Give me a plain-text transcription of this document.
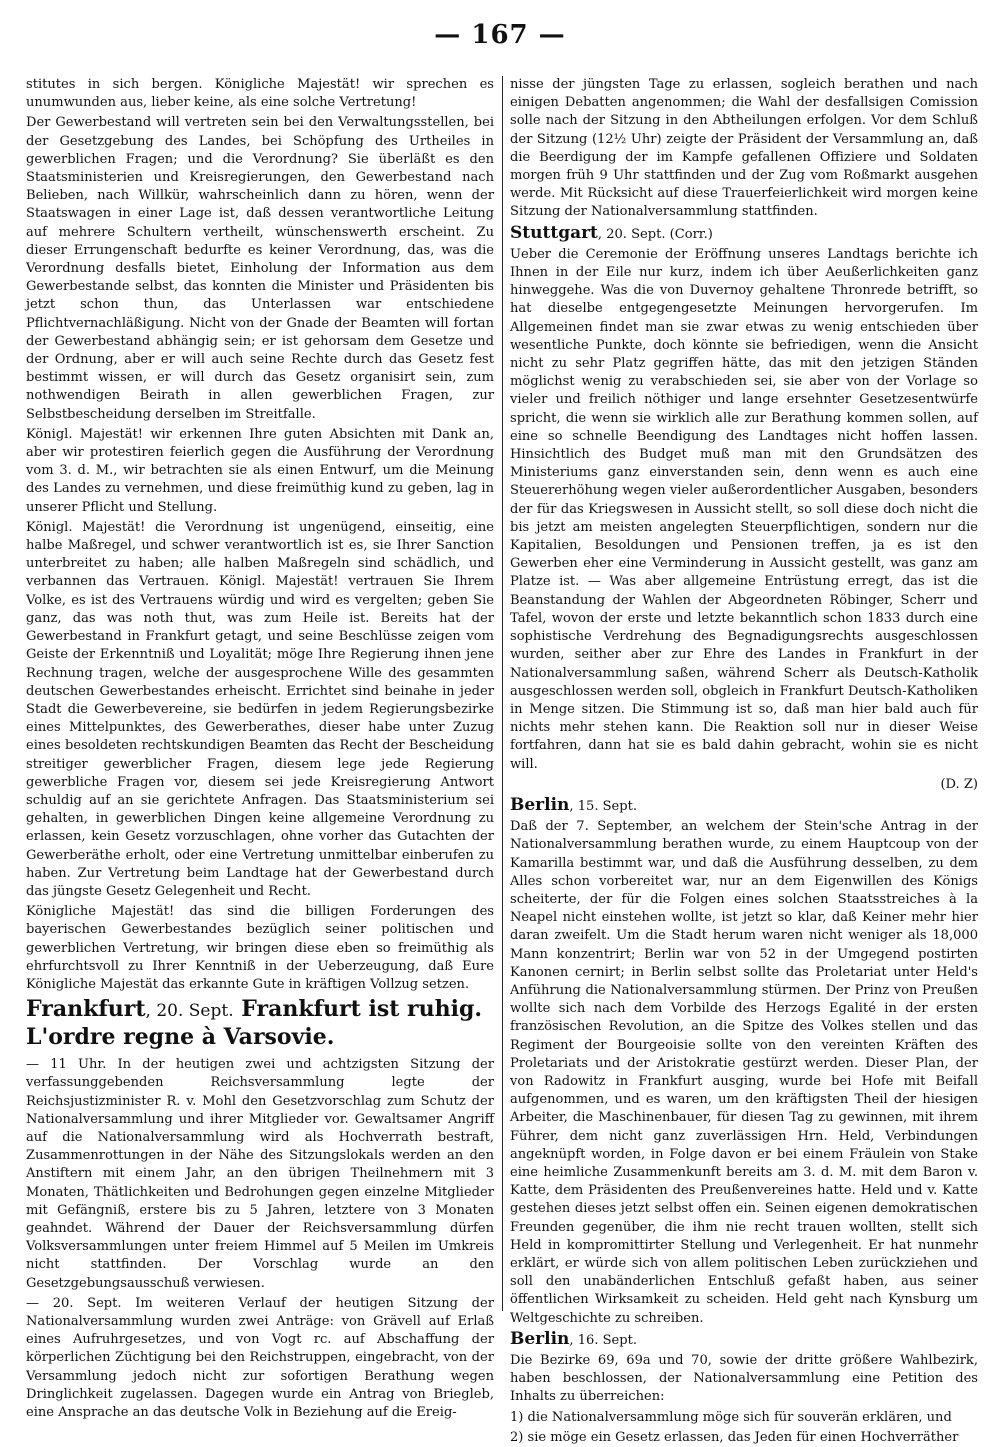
— 167 —

stitutes in sich bergen. Königliche Majestät! wir sprechen es unumwunden aus, lieber keine, als eine solche Vertretung!

Der Gewerbestand will vertreten sein bei den Verwaltungsstellen, bei der Gesetzgebung des Landes, bei Schöpfung des Urtheiles in gewerblichen Fragen; und die Verordnung? Sie überläßt es den Staatsministerien und Kreisregierungen, den Gewerbestand nach Belieben, nach Willkür, wahrscheinlich dann zu hören, wenn der Staatswagen in einer Lage ist, daß dessen verantwortliche Leitung auf mehrere Schultern vertheilt, wünschenswerth erscheint. Zu dieser Errungenschaft bedurfte es keiner Verordnung, das, was die Verordnung desfalls bietet, Einholung der Information aus dem Gewerbestande selbst, das konnten die Minister und Präsidenten bis jetzt schon thun, das Unterlassen war entschiedene Pflichtvernachläßigung. Nicht von der Gnade der Beamten will fortan der Gewerbestand abhängig sein; er ist gehorsam dem Gesetze und der Ordnung, aber er will auch seine Rechte durch das Gesetz fest bestimmt wissen, er will durch das Gesetz organisirt sein, zum nothwendigen Beirath in allen gewerblichen Fragen, zur Selbstbescheidung derselben im Streitfalle.

Königl. Majestät! wir erkennen Ihre guten Absichten mit Dank an, aber wir protestiren feierlich gegen die Ausführung der Verordnung vom 3. d. M., wir betrachten sie als einen Entwurf, um die Meinung des Landes zu vernehmen, und diese freimüthig kund zu geben, lag in unserer Pflicht und Stellung.

Königl. Majestät! die Verordnung ist ungenügend, einseitig, eine halbe Maßregel, und schwer verantwortlich ist es, sie Ihrer Sanction unterbreitet zu haben; alle halben Maßregeln sind schädlich, und verbannen das Vertrauen. Königl. Majestät! vertrauen Sie Ihrem Volke, es ist des Vertrauens würdig und wird es vergelten; geben Sie ganz, das was noth thut, was zum Heile ist. Bereits hat der Gewerbestand in Frankfurt getagt, und seine Beschlüsse zeigen vom Geiste der Erkenntniß und Loyalität; möge Ihre Regierung ihnen jene Rechnung tragen, welche der ausgesprochene Wille des gesammten deutschen Gewerbestandes erheischt. Errichtet sind beinahe in jeder Stadt die Gewerbevereine, sie bedürfen in jedem Regierungsbezirke eines Mittelpunktes, des Gewerberathes, dieser habe unter Zuzug eines besoldeten rechtskundigen Beamten das Recht der Bescheidung streitiger gewerblicher Fragen, diesem lege jede Regierung gewerbliche Fragen vor, diesem sei jede Kreisregierung Antwort schuldig auf an sie gerichtete Anfragen. Das Staatsministerium sei gehalten, in gewerblichen Dingen keine allgemeine Verordnung zu erlassen, kein Gesetz vorzuschlagen, ohne vorher das Gutachten der Gewerberäthe erholt, oder eine Vertretung unmittelbar einberufen zu haben. Zur Vertretung beim Landtage hat der Gewerbestand durch das jüngste Gesetz Gelegenheit und Recht.

Königliche Majestät! das sind die billigen Forderungen des bayerischen Gewerbestandes bezüglich seiner politischen und gewerblichen Vertretung, wir bringen diese eben so freimüthig als ehrfurchtsvoll zu Ihrer Kenntniß in der Ueberzeugung, daß Eure Königliche Majestät das erkannte Gute in kräftigen Vollzug setzen.

Frankfurt, 20. Sept. Frankfurt ist ruhig.
L'ordre regne à Varsovie.

— 11 Uhr. In der heutigen zwei und achtzigsten Sitzung der verfassunggebenden Reichsversammlung legte der Reichsjustizminister R. v. Mohl den Gesetzvorschlag zum Schutz der Nationalversammlung und ihrer Mitglieder vor. Gewaltsamer Angriff auf die Nationalversammlung wird als Hochverrath bestraft, Zusammenrottungen in der Nähe des Sitzungslokals werden an den Anstiftern mit einem Jahr, an den übrigen Theilnehmern mit 3 Monaten, Thätlichkeiten und Bedrohungen gegen einzelne Mitglieder mit Gefängniß, erstere bis zu 5 Jahren, letztere von 3 Monaten geahndet. Während der Dauer der Reichsversammlung dürfen Volksversammlungen unter freiem Himmel auf 5 Meilen im Umkreis nicht stattfinden. Der Vorschlag wurde an den Gesetzgebungsausschuß verwiesen.

— 20. Sept. Im weiteren Verlauf der heutigen Sitzung der Nationalversammlung wurden zwei Anträge: von Grävell auf Erlaß eines Aufruhrgesetzes, und von Vogt rc. auf Abschaffung der körperlichen Züchtigung bei den Reichstruppen, eingebracht, von der Versammlung jedoch nicht zur sofortigen Berathung wegen Dringlichkeit zugelassen. Dagegen wurde ein Antrag von Briegleb, eine Ansprache an das deutsche Volk in Beziehung auf die Ereig-

nisse der jüngsten Tage zu erlassen, sogleich berathen und nach einigen Debatten angenommen; die Wahl der desfallsigen Comission solle nach der Sitzung in den Abtheilungen erfolgen. Vor dem Schluß der Sitzung (12½ Uhr) zeigte der Präsident der Versammlung an, daß die Beerdigung der im Kampfe gefallenen Offiziere und Soldaten morgen früh 9 Uhr stattfinden und der Zug vom Roßmarkt ausgehen werde. Mit Rücksicht auf diese Trauerfeierlichkeit wird morgen keine Sitzung der Nationalversammlung stattfinden.

Stuttgart, 20. Sept. (Corr.)

Ueber die Ceremonie der Eröffnung unseres Landtags berichte ich Ihnen in der Eile nur kurz, indem ich über Aeußerlichkeiten ganz hinweggehe. Was die von Duvernoy gehaltene Thronrede betrifft, so hat dieselbe entgegengesetzte Meinungen hervorgerufen. Im Allgemeinen findet man sie zwar etwas zu wenig entschieden über wesentliche Punkte, doch könnte sie befriedigen, wenn die Ansicht nicht zu sehr Platz gegriffen hätte, das mit den jetzigen Ständen möglichst wenig zu verabschieden sei, sie aber von der Vorlage so vieler und freilich nöthiger und lange ersehnter Gesetzesentwürfe spricht, die wenn sie wirklich alle zur Berathung kommen sollen, auf eine so schnelle Beendigung des Landtages nicht hoffen lassen. Hinsichtlich des Budget muß man mit den Grundsätzen des Ministeriums ganz einverstanden sein, denn wenn es auch eine Steuererhöhung wegen vieler außerordentlicher Ausgaben, besonders der für das Kriegswesen in Aussicht stellt, so soll diese doch nicht die bis jetzt am meisten angelegten Steuerpflichtigen, sondern nur die Kapitalien, Besoldungen und Pensionen treffen, ja es ist den Gewerben eher eine Verminderung in Aussicht gestellt, was ganz am Platze ist. — Was aber allgemeine Entrüstung erregt, das ist die Beanstandung der Wahlen der Abgeordneten Röbinger, Scherr und Tafel, wovon der erste und letzte bekanntlich schon 1833 durch eine sophistische Verdrehung des Begnadigungsrechts ausgeschlossen wurden, seither aber zur Ehre des Landes in Frankfurt in der Nationalversammlung saßen, während Scherr als Deutsch-Katholik ausgeschlossen werden soll, obgleich in Frankfurt Deutsch-Katholiken in Menge sitzen. Die Stimmung ist so, daß man hier bald auch für nichts mehr stehen kann. Die Reaktion soll nur in dieser Weise fortfahren, dann hat sie es bald dahin gebracht, wohin sie es nicht will.

(D. Z)

Berlin, 15. Sept.

Daß der 7. September, an welchem der Stein'sche Antrag in der Nationalversammlung berathen wurde, zu einem Hauptcoup von der Kamarilla bestimmt war, und daß die Ausführung desselben, zu dem Alles schon vorbereitet war, nur an dem Eigenwillen des Königs scheiterte, der für die Folgen eines solchen Staatsstreiches à la Neapel nicht einstehen wollte, ist jetzt so klar, daß Keiner mehr hier daran zweifelt. Um die Stadt herum waren nicht weniger als 18,000 Mann konzentrirt; Berlin war von 52 in der Umgegend postirten Kanonen cernirt; in Berlin selbst sollte das Proletariat unter Held's Anführung die Nationalversammlung stürmen. Der Prinz von Preußen wollte sich nach dem Vorbilde des Herzogs Egalité in der ersten französischen Revolution, an die Spitze des Volkes stellen und das Regiment der Bourgeoisie sollte von den vereinten Kräften des Proletariats und der Aristokratie gestürzt werden. Dieser Plan, der von Radowitz in Frankfurt ausging, wurde bei Hofe mit Beifall aufgenommen, und es waren, um den kräftigsten Theil der hiesigen Arbeiter, die Maschinenbauer, für diesen Tag zu gewinnen, mit ihrem Führer, dem nicht ganz zuverlässigen Hrn. Held, Verbindungen angeknüpft worden, in Folge davon er bei einem Fräulein von Stake eine heimliche Zusammenkunft bereits am 3. d. M. mit dem Baron v. Katte, dem Präsidenten des Preußenvereines hatte. Held und v. Katte gestehen dieses jetzt selbst offen ein. Seinen eigenen demokratischen Freunden gegenüber, die ihm nie recht trauen wollten, stellt sich Held in kompromittirter Stellung und Verlegenheit. Er hat nunmehr erklärt, er würde sich von allem politischen Leben zurückziehen und soll den unabänderlichen Entschluß gefaßt haben, aus seiner öffentlichen Wirksamkeit zu scheiden. Held geht nach Kynsburg um Weltgeschichte zu schreiben.

Berlin, 16. Sept.

Die Bezirke 69, 69a und 70, sowie der dritte größere Wahlbezirk, haben beschlossen, der Nationalversammlung eine Petition des Inhalts zu überreichen:

1) die Nationalversammlung möge sich für souverän erklären, und

2) sie möge ein Gesetz erlassen, das Jeden für einen Hochverräther
